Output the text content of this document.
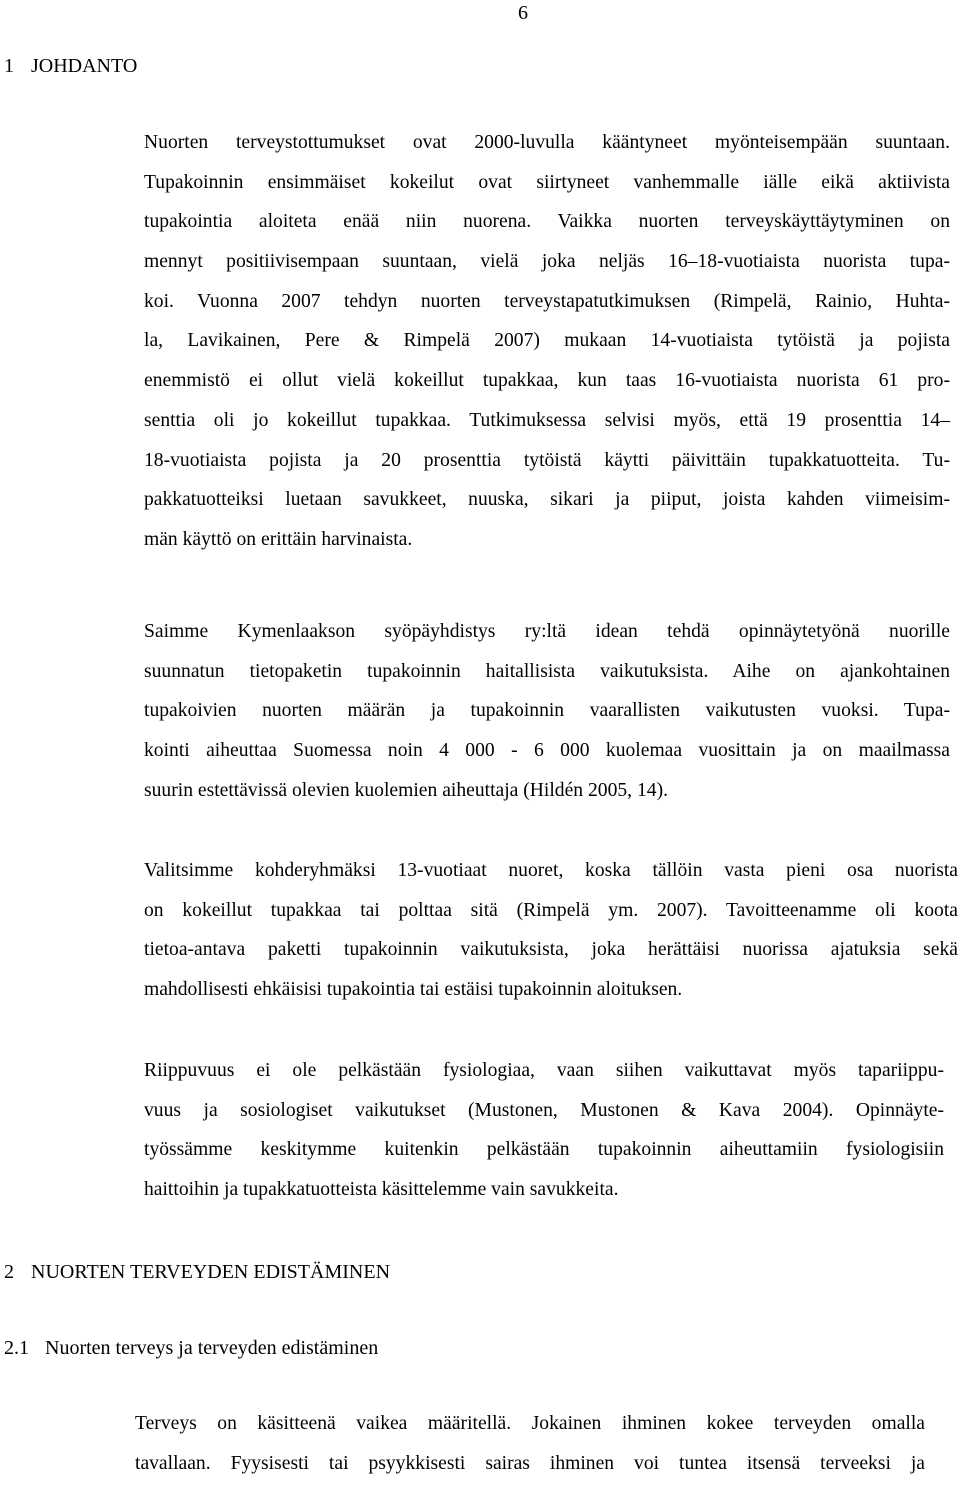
6
1 JOHDANTO
Nuorten terveystottumukset ovat 2000-luvulla kääntyneet myönteisempään suuntaan.
Tupakoinnin ensimmäiset kokeilut ovat siirtyneet vanhemmalle iälle eikä aktiivista
tupakointia aloiteta enää niin nuorena. Vaikka nuorten terveyskäyttäytyminen on
mennyt positiivisempaan suuntaan, vielä joka neljäs 16–18-vuotiaista nuorista tupa-
koi. Vuonna 2007 tehdyn nuorten terveystapatutkimuksen (Rimpelä, Rainio, Huhta-
la, Lavikainen, Pere & Rimpelä 2007) mukaan 14-vuotiaista tytöistä ja pojista
enemmistö ei ollut vielä kokeillut tupakkaa, kun taas 16-vuotiaista nuorista 61 pro-
senttia oli jo kokeillut tupakkaa. Tutkimuksessa selvisi myös, että 19 prosenttia 14–
18-vuotiaista pojista ja 20 prosenttia tytöistä käytti päivittäin tupakkatuotteita. Tu-
pakkatuotteiksi luetaan savukkeet, nuuska, sikari ja piiput, joista kahden viimeisim-
män käyttö on erittäin harvinaista.
Saimme Kymenlaakson syöpäyhdistys ry:ltä idean tehdä opinnäytetyönä nuorille
suunnatun tietopaketin tupakoinnin haitallisista vaikutuksista. Aihe on ajankohtainen
tupakoivien nuorten määrän ja tupakoinnin vaarallisten vaikutusten vuoksi. Tupa-
kointi aiheuttaa Suomessa noin 4 000 - 6 000 kuolemaa vuosittain ja on maailmassa
suurin estettävissä olevien kuolemien aiheuttaja (Hildén 2005, 14).
Valitsimme kohderyhmäksi 13-vuotiaat nuoret, koska tällöin vasta pieni osa nuorista
on kokeillut tupakkaa tai polttaa sitä (Rimpelä ym. 2007). Tavoitteenamme oli koota
tietoa-antava paketti tupakoinnin vaikutuksista, joka herättäisi nuorissa ajatuksia sekä
mahdollisesti ehkäisisi tupakointia tai estäisi tupakoinnin aloituksen.
Riippuvuus ei ole pelkästään fysiologiaa, vaan siihen vaikuttavat myös tapariippu-
vuus ja sosiologiset vaikutukset (Mustonen, Mustonen & Kava 2004). Opinnäyte-
työssämme keskitymme kuitenkin pelkästään tupakoinnin aiheuttamiin fysiologisiin
haittoihin ja tupakkatuotteista käsittelemme vain savukkeita.
2 NUORTEN TERVEYDEN EDISTÄMINEN
2.1 Nuorten terveys ja terveyden edistäminen
Terveys on käsitteenä vaikea määritellä. Jokainen ihminen kokee terveyden omalla
tavallaan. Fyysisesti tai psyykkisesti sairas ihminen voi tuntea itsensä terveeksi ja
